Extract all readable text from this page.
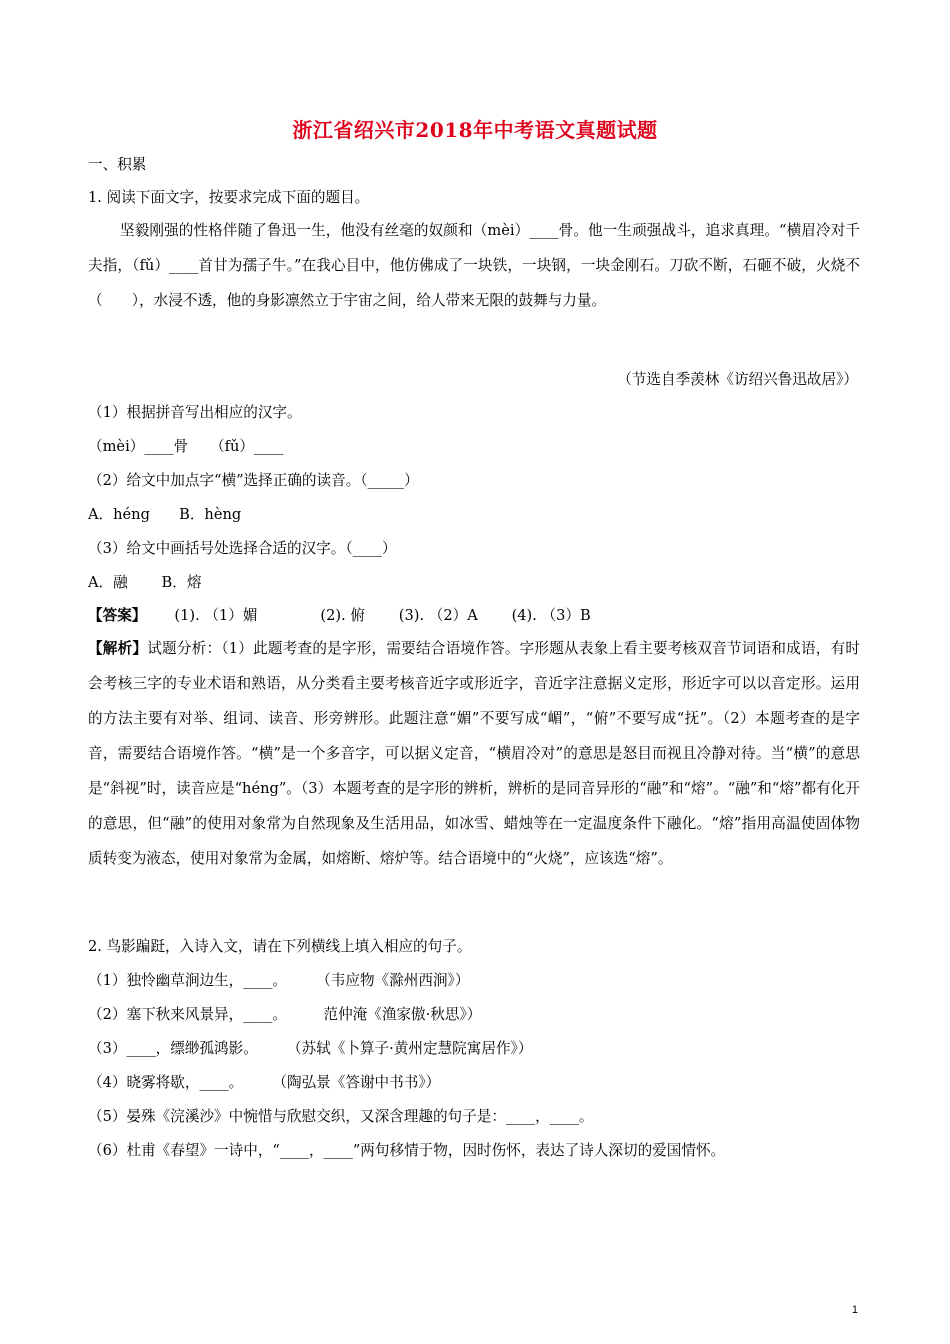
浙江省绍兴市2018年中考语文真题试题
一、积累
1. 阅读下面文字，按要求完成下面的题目。
坚毅刚强的性格伴随了鲁迅一生，他没有丝毫的奴颜和（mèi）____骨。他一生顽强战斗，追求真理。“横眉冷对千夫指，（fǔ）____首甘为孺子牛。”在我心目中，他仿佛成了一块铁，一块钢，一块金刚石。刀砍不断，石砸不破，火烧不（　　），水浸不透，他的身影凛然立于宇宙之间，给人带来无限的鼓舞与力量。
（节选自季羡林《访绍兴鲁迅故居》）
（1）根据拼音写出相应的汉字。
（mèi）____骨　　（fǔ）____
（2）给文中加点字“横”选择正确的读音。（_____）
A．héng　　B．hèng
（3）给文中画括号处选择合适的汉字。（____）
A．融　　 B．熔
【答案】 (1). （1）媚　　　　 (2). 俯　　 (3). （2）A　　 (4). （3）B
【解析】试题分析：（1）此题考查的是字形，需要结合语境作答。字形题从表象上看主要考核双音节词语和成语，有时会考核三字的专业术语和熟语，从分类看主要考核音近字或形近字，音近字注意据义定形，形近字可以以音定形。运用的方法主要有对举、组词、读音、形旁辨形。此题注意“媚”不要写成“嵋”，“俯”不要写成“抚”。（2）本题考查的是字音，需要结合语境作答。“横”是一个多音字，可以据义定音，“横眉冷对”的意思是怒目而视且冷静对待。当“横”的意思是“斜视”时，读音应是“héng”。（3）本题考查的是字形的辨析，辨析的是同音异形的“融”和“熔”。“融”和“熔”都有化开的意思，但“融”的使用对象常为自然现象及生活用品，如冰雪、蜡烛等在一定温度条件下融化。“熔”指用高温使固体物质转变为液态，使用对象常为金属，如熔断、熔炉等。结合语境中的“火烧”，应该选“熔”。
2. 鸟影蹁跹，入诗入文，请在下列横线上填入相应的句子。
（1）独怜幽草涧边生，____。　　　（韦应物《滁州西涧》）
（2）塞下秋来风景异，____。　　　范仲淹《渔家傲·秋思》）
（3）____，缥缈孤鸿影。　　　（苏轼《卜算子·黄州定慧院寓居作》）
（4）晓雾将歇，____。　　　（陶弘景《答谢中书书》）
（5）晏殊《浣溪沙》中惋惜与欣慰交织，又深含理趣的句子是：____，____。
（6）杜甫《春望》一诗中，“____，____”两句移情于物，因时伤怀，表达了诗人深切的爱国情怀。
1
